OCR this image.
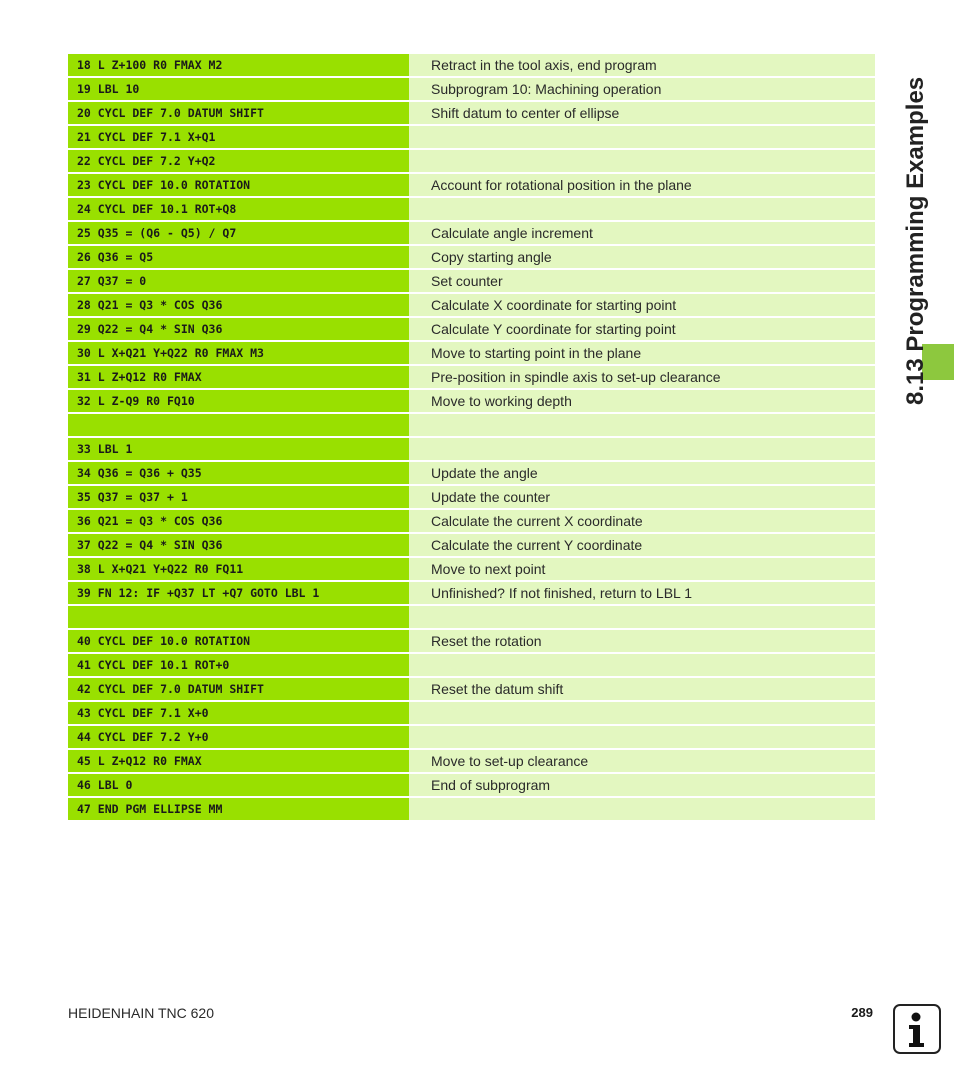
18 L Z+100 R0 FMAX M2	Retract in the tool axis, end program
19 LBL 10	Subprogram 10: Machining operation
20 CYCL DEF 7.0 DATUM SHIFT	Shift datum to center of ellipse
21 CYCL DEF 7.1 X+Q1
22 CYCL DEF 7.2 Y+Q2
23 CYCL DEF 10.0 ROTATION	Account for rotational position in the plane
24 CYCL DEF 10.1 ROT+Q8
25 Q35 = (Q6 - Q5) / Q7	Calculate angle increment
26 Q36 = Q5	Copy starting angle
27 Q37 = 0	Set counter
28 Q21 = Q3 * COS Q36	Calculate X coordinate for starting point
29 Q22 = Q4 * SIN Q36	Calculate Y coordinate for starting point
30 L X+Q21 Y+Q22 R0 FMAX M3	Move to starting point in the plane
31 L Z+Q12 R0 FMAX	Pre-position in spindle axis to set-up clearance
32 L Z-Q9 R0 FQ10	Move to working depth
33 LBL 1
34 Q36 = Q36 + Q35	Update the angle
35 Q37 = Q37 + 1	Update the counter
36 Q21 = Q3 * COS Q36	Calculate the current X coordinate
37 Q22 = Q4 * SIN Q36	Calculate the current Y coordinate
38 L X+Q21 Y+Q22 R0 FQ11	Move to next point
39 FN 12: IF +Q37 LT +Q7 GOTO LBL 1	Unfinished? If not finished, return to LBL 1
40 CYCL DEF 10.0 ROTATION	Reset the rotation
41 CYCL DEF 10.1 ROT+0
42 CYCL DEF 7.0 DATUM SHIFT	Reset the datum shift
43 CYCL DEF 7.1 X+0
44 CYCL DEF 7.2 Y+0
45 L Z+Q12 R0 FMAX	Move to set-up clearance
46 LBL 0	End of subprogram
47 END PGM ELLIPSE MM
8.13 Programming Examples
HEIDENHAIN TNC 620	289
